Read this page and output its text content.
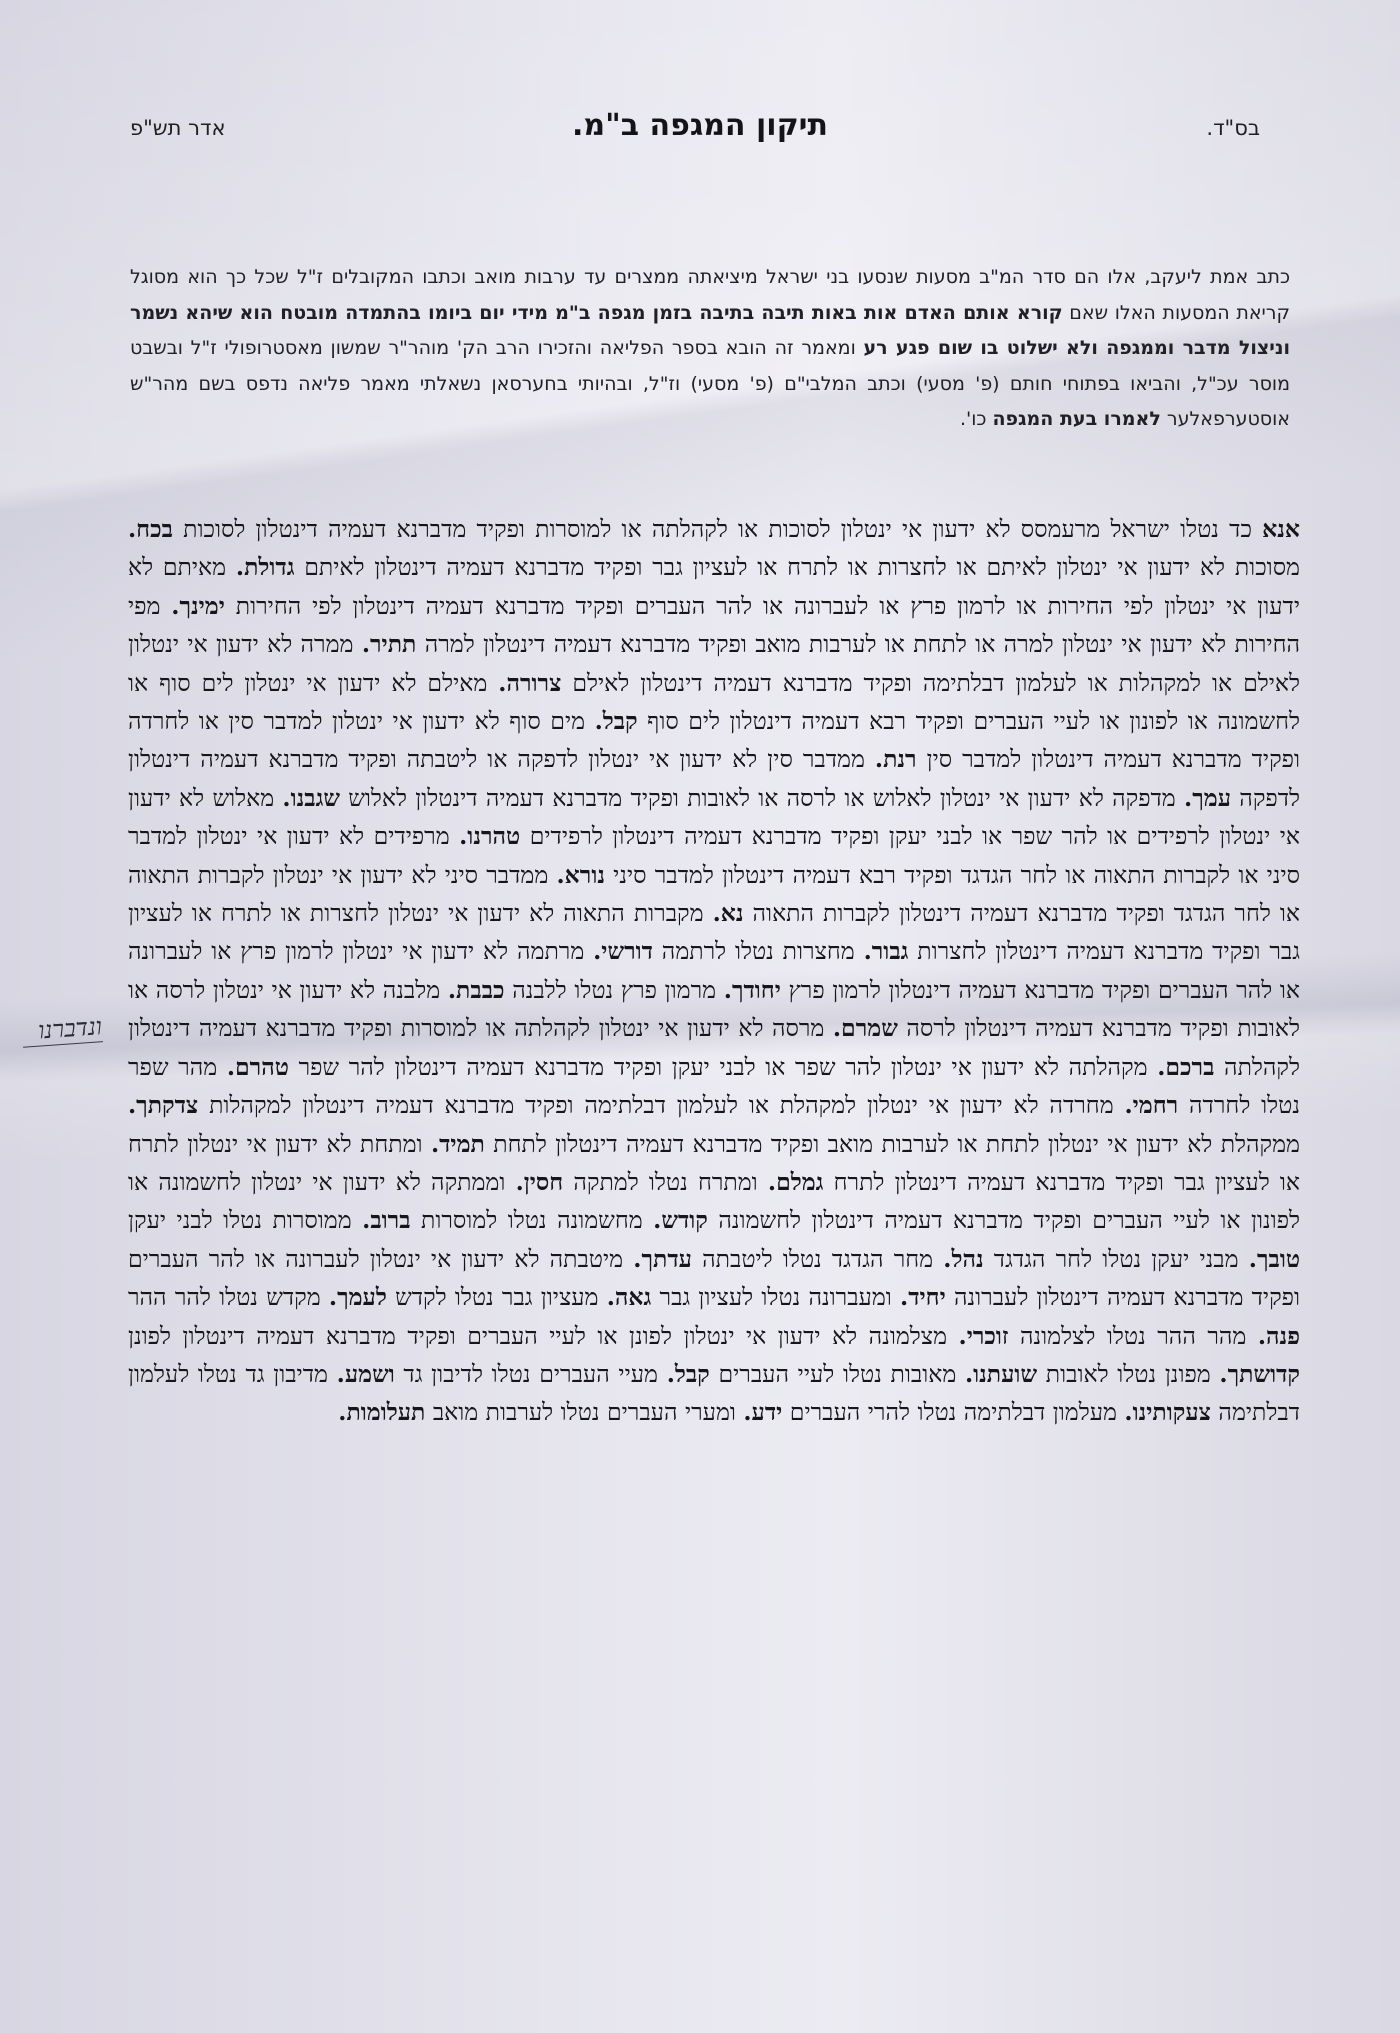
בס"ד.
תיקון המגפה ב"מ.
אדר תש"פ

כתב אמת ליעקב, אלו הם סדר המ"ב מסעות שנסעו בני ישראל מיציאתה ממצרים עד ערבות מואב וכתבו המקובלים ז"ל שכל כך הוא מסוגל קריאת המסעות האלו שאם קורא אותם האדם אות באות תיבה בתיבה בזמן מגפה ב"מ מידי יום ביומו בהתמדה מובטח הוא שיהא נשמר וניצול מדבר וממגפה ולא ישלוט בו שום פגע רע ומאמר זה הובא בספר הפליאה והזכירו הרב הק' מוהר"ר שמשון מאסטרופולי ז"ל ובשבט מוסר עכ"ל, והביאו בפתוחי חותם (פ' מסעי) וכתב המלבי"ם (פ' מסעי) וז"ל, ובהיותי בחערסאן נשאלתי מאמר פליאה נדפס בשם מהר"ש אוסטערפאלער לאמרו בעת המגפה כו'.

אנא כד נטלו ישראל מרעמסס לא ידעון אי ינטלון לסוכות או לקהלתה או למוסרות ופקיד מדברנא דעמיה דינטלון לסוכות בכח. מסוכות לא ידעון אי ינטלון לאיתם או לחצרות או לתרח או לעציון גבר ופקיד מדברנא דעמיה דינטלון לאיתם גדולת. מאיתם לא ידעון אי ינטלון לפי החירות או לרמון פרץ או לעברונה או להר העברים ופקיד מדברנא דעמיה דינטלון לפי החירות ימינך. מפי החירות לא ידעון אי ינטלון למרה או לתחת או לערבות מואב ופקיד מדברנא דעמיה דינטלון למרה תתיר. ממרה לא ידעון אי ינטלון לאילם או למקהלות או לעלמון דבלתימה ופקיד מדברנא דעמיה דינטלון לאילם צרורה. מאילם לא ידעון אי ינטלון לים סוף או לחשמונה או לפונון או לעיי העברים ופקיד רבא דעמיה דינטלון לים סוף קבל. מים סוף לא ידעון אי ינטלון למדבר סין או לחרדה ופקיד מדברנא דעמיה דינטלון למדבר סין רנת. ממדבר סין לא ידעון אי ינטלון לדפקה או ליטבתה ופקיד מדברנא דעמיה דינטלון לדפקה עמך. מדפקה לא ידעון אי ינטלון לאלוש או לרסה או לאובות ופקיד מדברנא דעמיה דינטלון לאלוש שגבנו. מאלוש לא ידעון אי ינטלון לרפידים או להר שפר או לבני יעקן ופקיד מדברנא דעמיה דינטלון לרפידים טהרנו. מרפידים לא ידעון אי ינטלון למדבר סיני או לקברות התאוה או לחר הגדגד ופקיד רבא דעמיה דינטלון למדבר סיני נורא. ממדבר סיני לא ידעון אי ינטלון לקברות התאוה או לחר הגדגד ופקיד מדברנא דעמיה דינטלון לקברות התאוה נא. מקברות התאוה לא ידעון אי ינטלון לחצרות או לתרח או לעציון גבר ופקיד מדברנא דעמיה דינטלון לחצרות גבור. מחצרות נטלו לרתמה דורשי. מרתמה לא ידעון אי ינטלון לרמון פרץ או לעברונה או להר העברים ופקיד מדברנא דעמיה דינטלון לרמון פרץ יחודך. מרמון פרץ נטלו ללבנה כבבת. מלבנה לא ידעון אי ינטלון לרסה או לאובות ופקיד מדברנא דעמיה דינטלון לרסה שמרם. מרסה לא ידעון אי ינטלון לקהלתה או למוסרות ופקיד מדברנא דעמיה דינטלון לקהלתה ברכם. מקהלתה לא ידעון אי ינטלון להר שפר או לבני יעקן ופקיד מדברנא דעמיה דינטלון להר שפר טהרם. מהר שפר נטלו לחרדה רחמי. מחרדה לא ידעון אי ינטלון למקהלת או לעלמון דבלתימה ופקיד מדברנא דעמיה דינטלון למקהלות צדקתך. ממקהלת לא ידעון אי ינטלון לתחת או לערבות מואב ופקיד מדברנא דעמיה דינטלון לתחת תמיד. ומתחת לא ידעון אי ינטלון לתרח או לעציון גבר ופקיד מדברנא דעמיה דינטלון לתרח גמלם. ומתרח נטלו למתקה חסין. וממתקה לא ידעון אי ינטלון לחשמונה או לפונון או לעיי העברים ופקיד מדברנא דעמיה דינטלון לחשמונה קודש. מחשמונה נטלו למוסרות ברוב. ממוסרות נטלו לבני יעקן טובך. מבני יעקן נטלו לחר הגדגד נהל. מחר הגדגד נטלו ליטבתה עדתך. מיטבתה לא ידעון אי ינטלון לעברונה או להר העברים ופקיד מדברנא דעמיה דינטלון לעברונה יחיד. ומעברונה נטלו לעציון גבר גאה. מעציון גבר נטלו לקדש לעמך. מקדש נטלו להר ההר פנה. מהר ההר נטלו לצלמונה זוכרי. מצלמונה לא ידעון אי ינטלון לפונן או לעיי העברים ופקיד מדברנא דעמיה דינטלון לפונן קדושתך. מפונן נטלו לאובות שועתנו. מאובות נטלו לעיי העברים קבל. מעיי העברים נטלו לדיבון גד ושמע. מדיבון גד נטלו לעלמון דבלתימה צעקותינו. מעלמון דבלתימה נטלו להרי העברים ידע. ומערי העברים נטלו לערבות מואב תעלומות.

ונדברנו
